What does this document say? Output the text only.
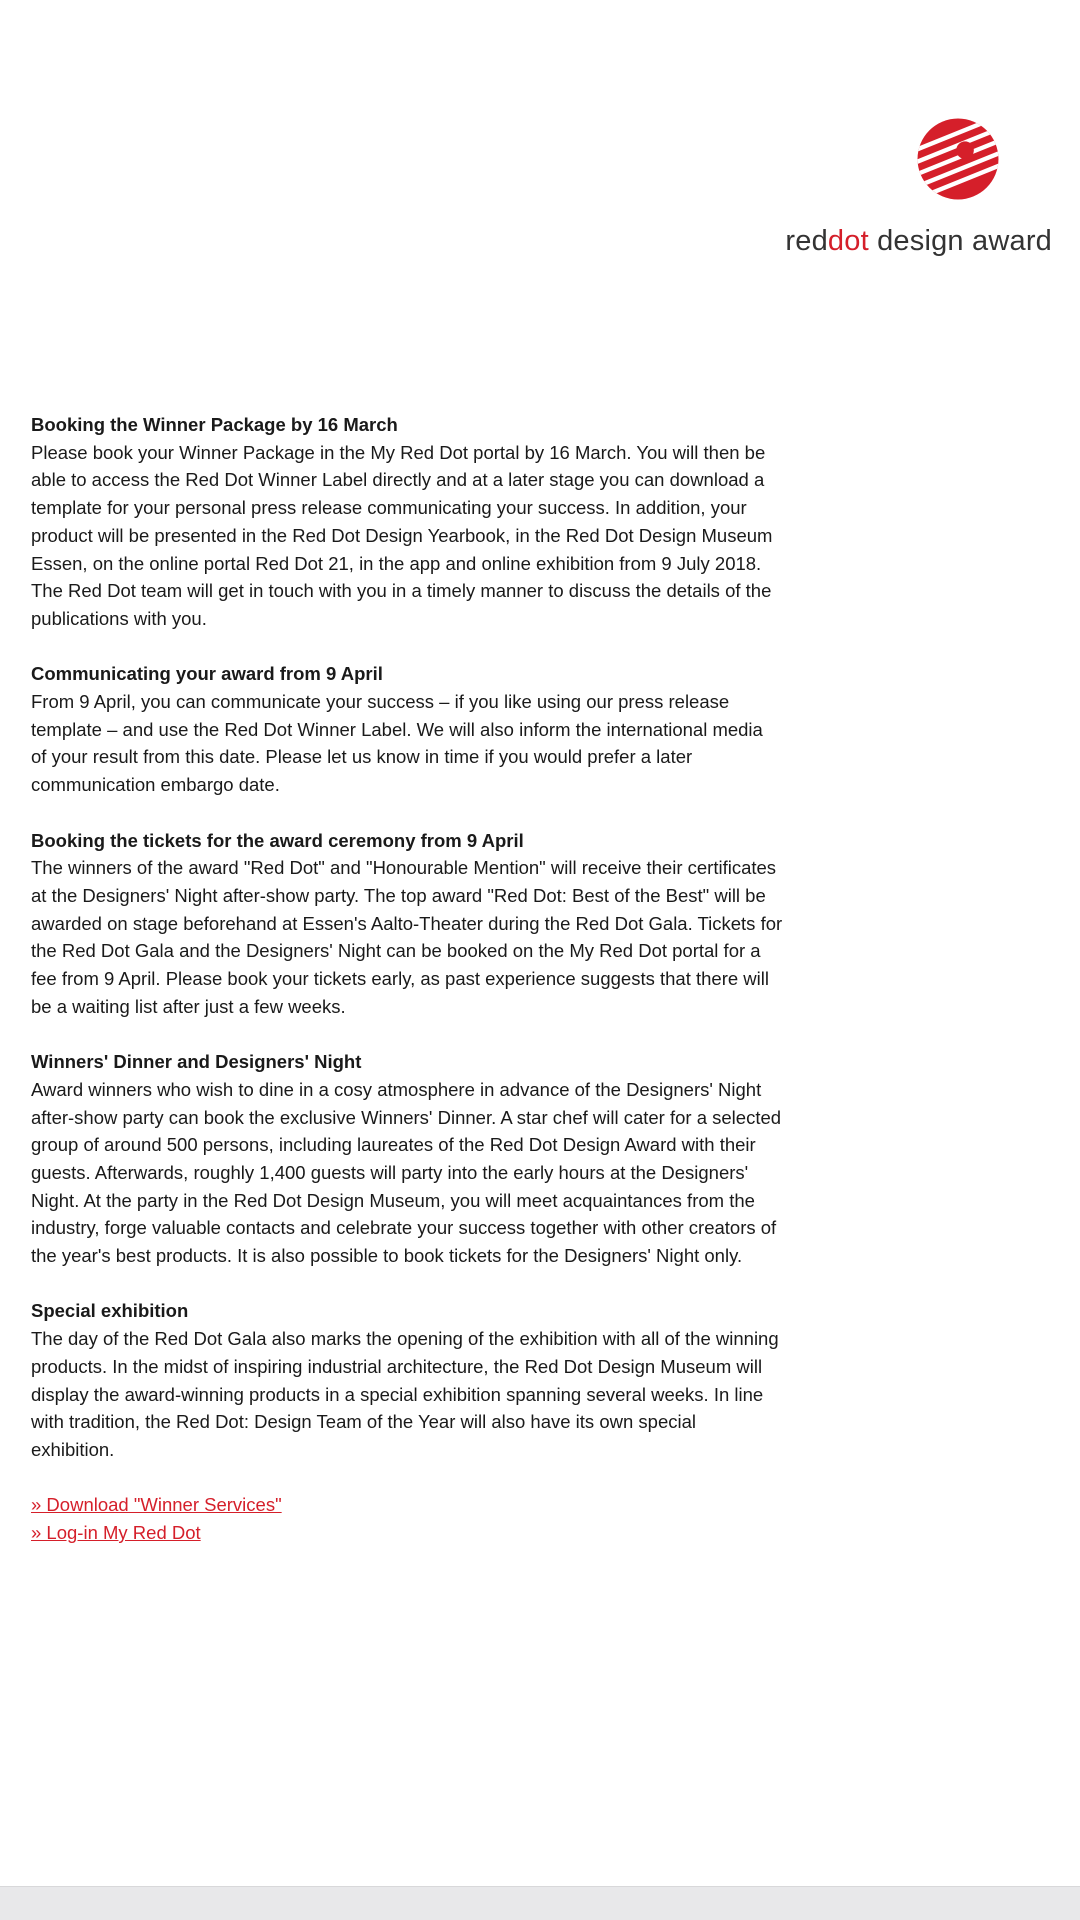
reddot design award
Booking the Winner Package by 16 March

Please book your Winner Package in the My Red Dot portal by 16 March. You will then be able to access the Red Dot Winner Label directly and at a later stage you can download a template for your personal press release communicating your success. In addition, your product will be presented in the Red Dot Design Yearbook, in the Red Dot Design Museum Essen, on the online portal Red Dot 21, in the app and online exhibition from 9 July 2018. The Red Dot team will get in touch with you in a timely manner to discuss the details of the publications with you.

Communicating your award from 9 April

From 9 April, you can communicate your success – if you like using our press release template – and use the Red Dot Winner Label. We will also inform the international media of your result from this date. Please let us know in time if you would prefer a later communication embargo date.

Booking the tickets for the award ceremony from 9 April

The winners of the award "Red Dot" and "Honourable Mention" will receive their certificates at the Designers' Night after-show party. The top award "Red Dot: Best of the Best" will be awarded on stage beforehand at Essen's Aalto-Theater during the Red Dot Gala. Tickets for the Red Dot Gala and the Designers' Night can be booked on the My Red Dot portal for a fee from 9 April. Please book your tickets early, as past experience suggests that there will be a waiting list after just a few weeks.

Winners' Dinner and Designers' Night

Award winners who wish to dine in a cosy atmosphere in advance of the Designers' Night after-show party can book the exclusive Winners' Dinner. A star chef will cater for a selected group of around 500 persons, including laureates of the Red Dot Design Award with their guests. Afterwards, roughly 1,400 guests will party into the early hours at the Designers' Night. At the party in the Red Dot Design Museum, you will meet acquaintances from the industry, forge valuable contacts and celebrate your success together with other creators of the year's best products. It is also possible to book tickets for the Designers' Night only.

Special exhibition

The day of the Red Dot Gala also marks the opening of the exhibition with all of the winning products. In the midst of inspiring industrial architecture, the Red Dot Design Museum will display the award-winning products in a special exhibition spanning several weeks. In line with tradition, the Red Dot: Design Team of the Year will also have its own special exhibition.

» Download "Winner Services"
» Log-in My Red Dot
